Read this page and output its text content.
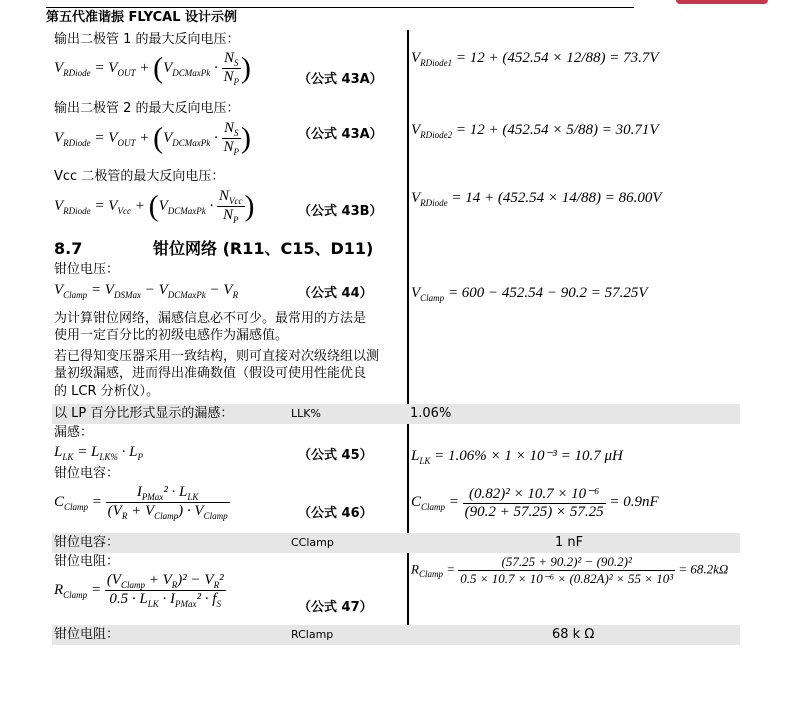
第五代准谐振 FLYCAL 设计示例
输出二极管 1 的最大反向电压：
$V_{RDiode} = V_{OUT} + (V_{DCMaxPk} \cdot \frac{N_S}{N_P}$ )	（公式 43A）
$V_{RDiode1} = 12 + (452.54 \times 12/88) = 73.7V$
输出二极管 2 的最大反向电压：
$V_{RDiode} = V_{OUT} + (V_{DCMaxPk} \cdot \frac{N_S}{N_P}$ )	（公式 43A） $V_{RDiode2} = 12 + (452.54 \times 5/88) = 30.71V$
Vcc 二极管的最大反向电压：
$V_{RDiode} = V_{Vcc} + (V_{DCMaxPk} \cdot \frac{N_{Vcc}}{N_P}$ )	（公式 43B）
$V_{RDiode} = 14 + (452.54 \times 14/88) = 86.00V$
8.7	钳位网络 (R11、C15、D11)
钳位电压：
$V_{Clamp} = V_{DSMax} - V_{DCMaxPk} - V_R$	（公式 44）	$V_{Clamp} = 600 - 452.54 - 90.2 = 57.25V$
为计算钳位网络，漏感信息必不可少。最常用的方法是
使用一定百分比的初级电感作为漏感值。
若已得知变压器采用一致结构，则可直接对次级绕组以测
量初级漏感，进而得出准确数值（假设可使用性能优良
的 LCR 分析仪）。
以 LP 百分比形式显示的漏感：	LLK%	1.06%
漏感：
$L_{LK} = L_{LK\%} \cdot L_P$	（公式 45）	$L_{LK} = 1.06\% \times 1 \times 10^{-3} = 10.7$ μH
钳位电容：
$C_{Clamp} = \frac{I_{PMax}^2 \cdot L_{LK}}{(V_R + V_{Clamp}) \cdot V_{Clamp}}$	（公式 46）
$C_{Clamp} = \frac{\text{(0.82)² × 10.7 × 10⁻⁶}}{(90.2 + 57.25) \times 57.25} = 0.9nF$
钳位电容：	CClamp	1 nF
钳位电阻：
$R_{Clamp} = \frac{(V_{Clamp} + V_R)^2 - V_R^2}{0.5 \cdot L_{LK} \cdot I_{PMax}^2 \cdot f_S}$	（公式 47）
$R_{Clamp} = \frac{\text{(57.25 + 90.2)² − (90.2)²}}{\text{0.5 × 10.7 × 10⁻⁶ × (0.82A)² × 55 × 10³}} = 68.2k\Omega$
钳位电阻：	RClamp	68 k Ω
